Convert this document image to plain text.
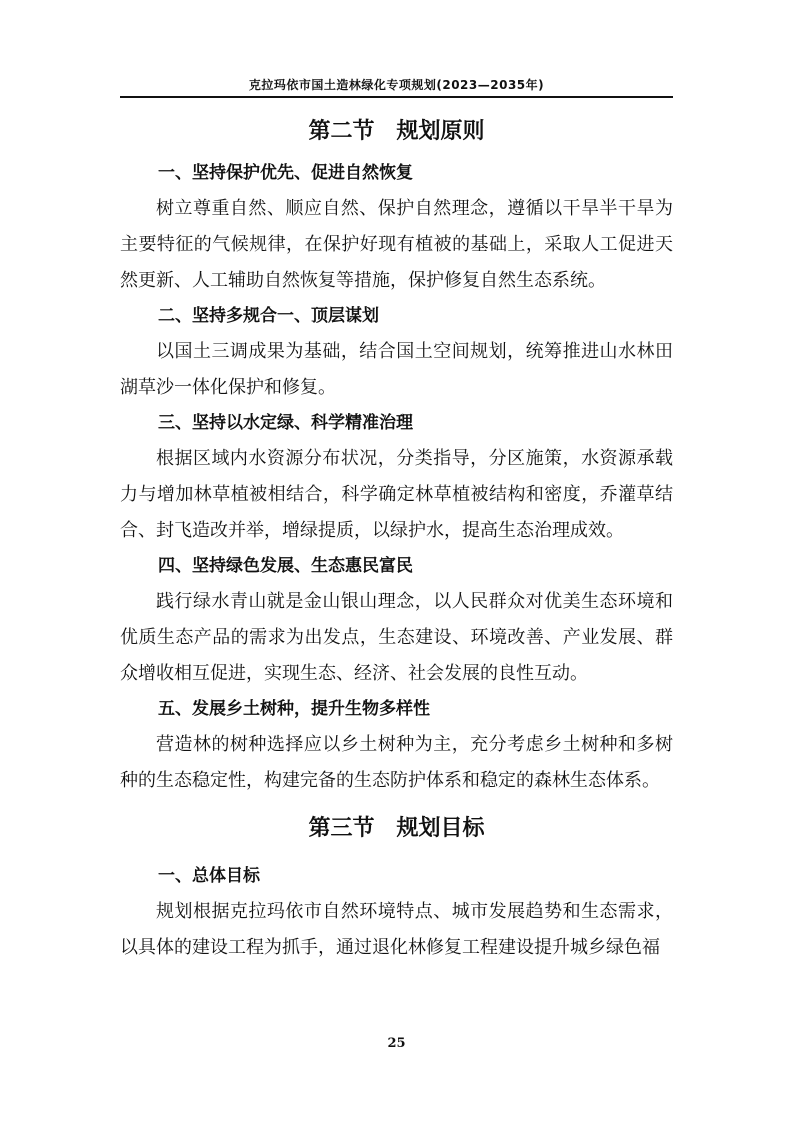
克拉玛依市国土造林绿化专项规划(2023—2035年)
第二节　规划原则
一、坚持保护优先、促进自然恢复

树立尊重自然、顺应自然、保护自然理念，遵循以干旱半干旱为主要特征的气候规律，在保护好现有植被的基础上，采取人工促进天然更新、人工辅助自然恢复等措施，保护修复自然生态系统。

二、坚持多规合一、顶层谋划

以国土三调成果为基础，结合国土空间规划，统筹推进山水林田湖草沙一体化保护和修复。

三、坚持以水定绿、科学精准治理

根据区域内水资源分布状况，分类指导，分区施策，水资源承载力与增加林草植被相结合，科学确定林草植被结构和密度，乔灌草结合、封飞造改并举，增绿提质，以绿护水，提高生态治理成效。

四、坚持绿色发展、生态惠民富民

践行绿水青山就是金山银山理念，以人民群众对优美生态环境和优质生态产品的需求为出发点，生态建设、环境改善、产业发展、群众增收相互促进，实现生态、经济、社会发展的良性互动。

五、发展乡土树种，提升生物多样性

营造林的树种选择应以乡土树种为主，充分考虑乡土树种和多树种的生态稳定性，构建完备的生态防护体系和稳定的森林生态体系。

第三节　规划目标
一、总体目标

规划根据克拉玛依市自然环境特点、城市发展趋势和生态需求，以具体的建设工程为抓手，通过退化林修复工程建设提升城乡绿色福

25
